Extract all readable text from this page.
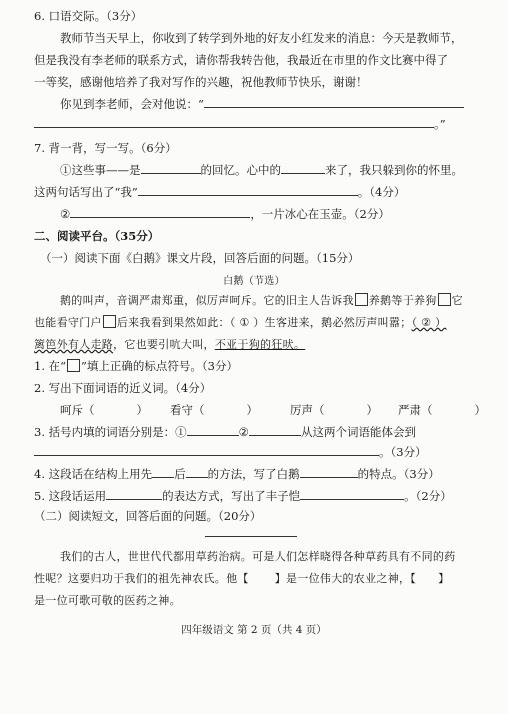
6. 口语交际。（3分）
教师节当天早上，你收到了转学到外地的好友小红发来的消息：今天是教师节，
但是我没有李老师的联系方式，请你帮我转告他，我最近在市里的作文比赛中得了
一等奖，感谢他培养了我对写作的兴趣，祝他教师节快乐，谢谢！
你见到李老师，会对他说：“
。”
7. 背一背，写一写。（6分）
①这些事——是	的回忆。心中的	来了，我只躲到你的怀里。
这两句话写出了“我”	。（4分）
②	，一片冰心在玉壶。（2分）
二、阅读平台。（35分）
（一）阅读下面《白鹅》课文片段，回答后面的问题。（15分）
白鹅（节选）
鹅的叫声，音调严肃郑重，似厉声呵斥。它的旧主人告诉我 养鹅等于养狗 它
也能看守门户 后来我看到果然如此：（ ① ）生客进来，鹅必然厉声叫嚣；（ ② ）
篱笆外有人走路，它也要引吭大叫，不亚于狗的狂吠。
1. 在“ ”填上正确的标点符号。（3分）
2. 写出下面词语的近义词。（4分）
呵斥（	） 看守（	）	厉声（	） 严肃（	）
3. 括号内填的词语分别是：①	②	从这两个词语能体会到
。（3分）
4. 这段话在结构上用先 后 的方法，写了白鹅	的特点。（3分）
5. 这段话运用	的表达方式，写出了丰子恺	。（2分）
（二）阅读短文，回答后面的问题。（20分）
我们的古人，世世代代都用草药治病。可是人们怎样晓得各种草药具有不同的药
性呢？这要归功于我们的祖先神农氏。他【 】是一位伟大的农业之神，【 】
是一位可歌可敬的医药之神。
四年级语文 第 2 页（共 4 页）
